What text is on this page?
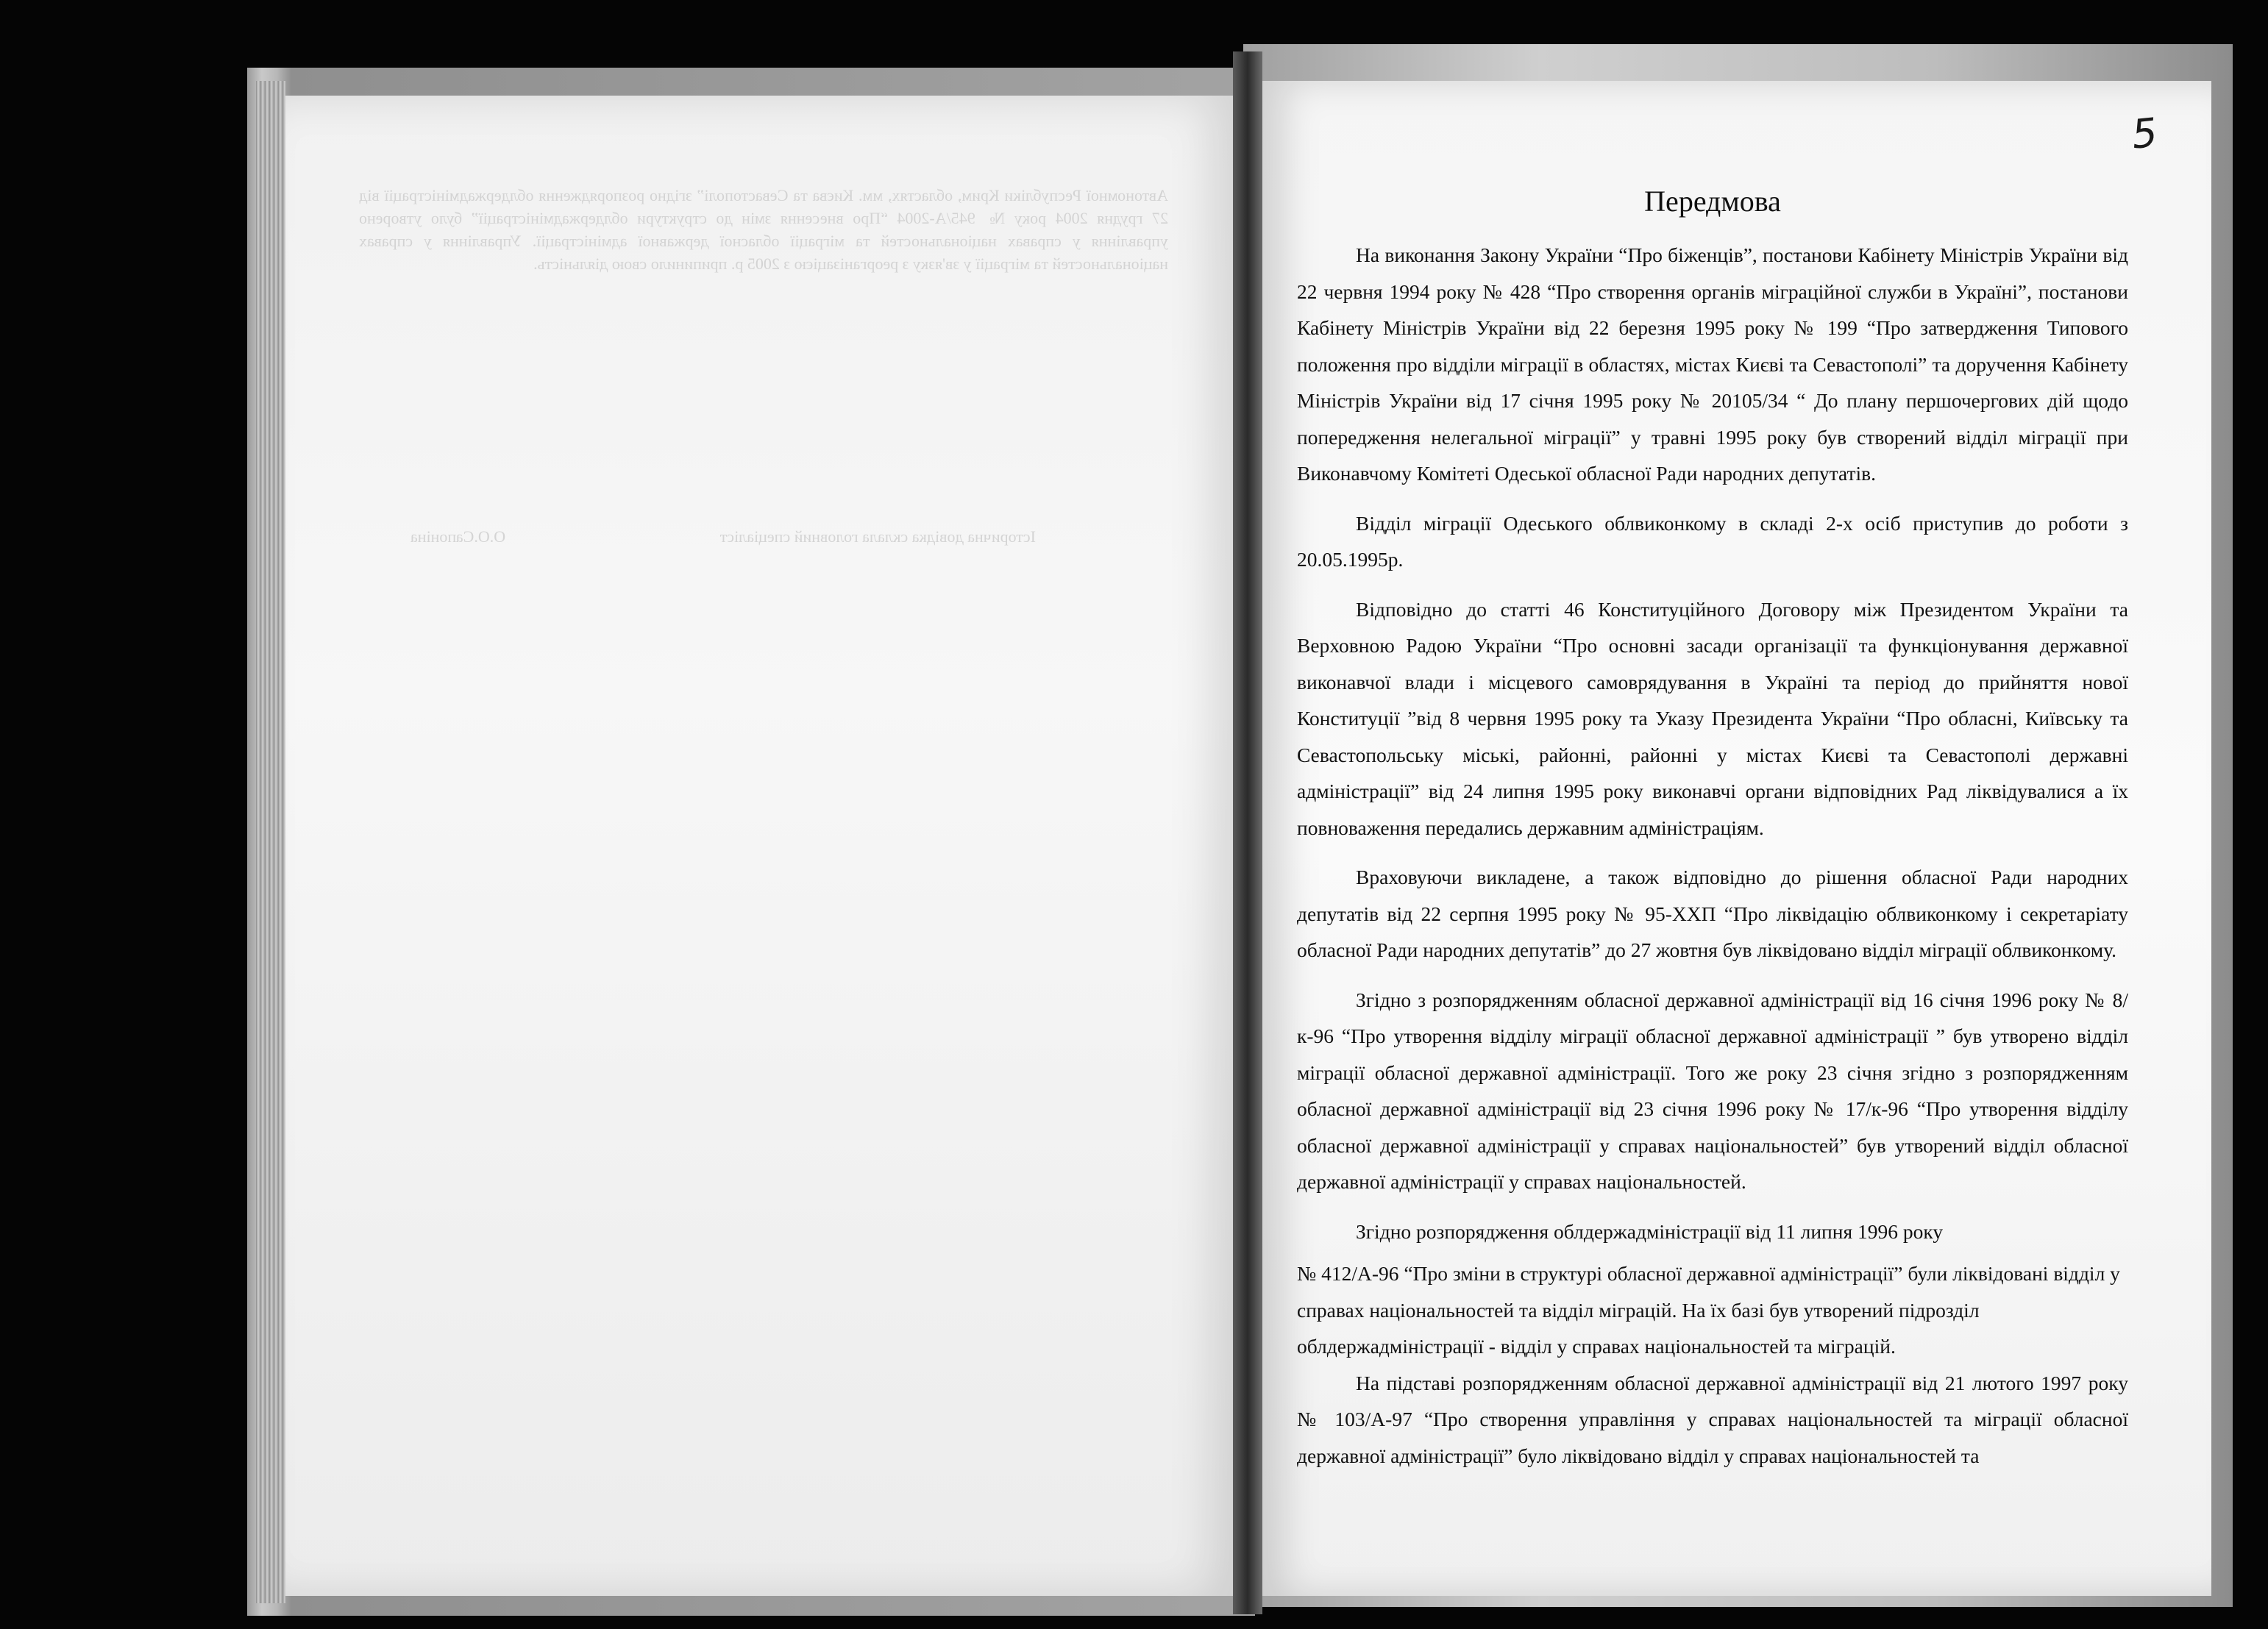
Автономної Республіки Крим, областях, мм. Києва та Севастополі” згідно розпорядження облдержадміністрації від 27 грудня 2004 року № 945/А-2004 “Про внесення змін до структури облдержадміністрації” було утворено управління у справах національностей та міграції обласної державної адміністрації. Управління у справах національностей та міграції у зв'язку з реорганізацією з 2005 р. припинило свою діяльність.
Історична довідка склала головний спеціаліст
О.О.Сапоніна
5
Передмова

На виконання Закону України “Про біженців”, постанови Кабінету Міністрів України від 22 червня 1994 року № 428 “Про створення органів міграційної служби в Україні”, постанови Кабінету Міністрів України від 22 березня 1995 року № 199 “Про затвердження Типового положення про відділи міграції в областях, містах Києві та Севастополі” та доручення Кабінету Міністрів України від 17 січня 1995 року № 20105/34 “ До плану першочергових дій щодо попередження нелегальної міграції” у травні 1995 року був створений відділ міграції при Виконавчому Комітеті Одеської обласної Ради народних депутатів.

Відділ міграції Одеського облвиконкому в складі 2-х осіб приступив до роботи з 20.05.1995р.

Відповідно до статті 46 Конституційного Договору між Президентом України та Верховною Радою України “Про основні засади організації та функціонування державної виконавчої влади і місцевого самоврядування в Україні та період до прийняття нової Конституції ”від 8 червня 1995 року та Указу Президента України “Про обласні, Київську та Севастопольську міські, районні, районні у містах Києві та Севастополі державні адміністрації” від 24 липня 1995 року виконавчі органи відповідних Рад ліквідувалися а їх повноваження передались державним адміністраціям.

Враховуючи викладене, а також відповідно до рішення обласної Ради народних депутатів від 22 серпня 1995 року № 95-ХХП “Про ліквідацію облвиконкому і секретаріату обласної Ради народних депутатів” до 27 жовтня був ліквідовано відділ міграції облвиконкому.

Згідно з розпорядженням обласної державної адміністрації від 16 січня 1996 року № 8/к-96 “Про утворення відділу міграції обласної державної адміністрації ” був утворено відділ міграції обласної державної адміністрації. Того же року 23 січня згідно з розпорядженням обласної державної адміністрації від 23 січня 1996 року № 17/к-96 “Про утворення відділу обласної державної адміністрації у справах національностей” був утворений відділ обласної державної адміністрації у справах національностей.

Згідно розпорядження облдержадміністрації від 11 липня 1996 року

№ 412/А-96 “Про зміни в структурі обласної державної адміністрації” були ліквідовані відділ у справах національностей та відділ міграцій. На їх базі був утворений підрозділ облдержадміністрації - відділ у справах національностей та міграцій.

На підставі розпорядженням обласної державної адміністрації від 21 лютого 1997 року № 103/А-97 “Про створення управління у справах національностей та міграції обласної державної адміністрації” було ліквідовано відділ у справах національностей та
